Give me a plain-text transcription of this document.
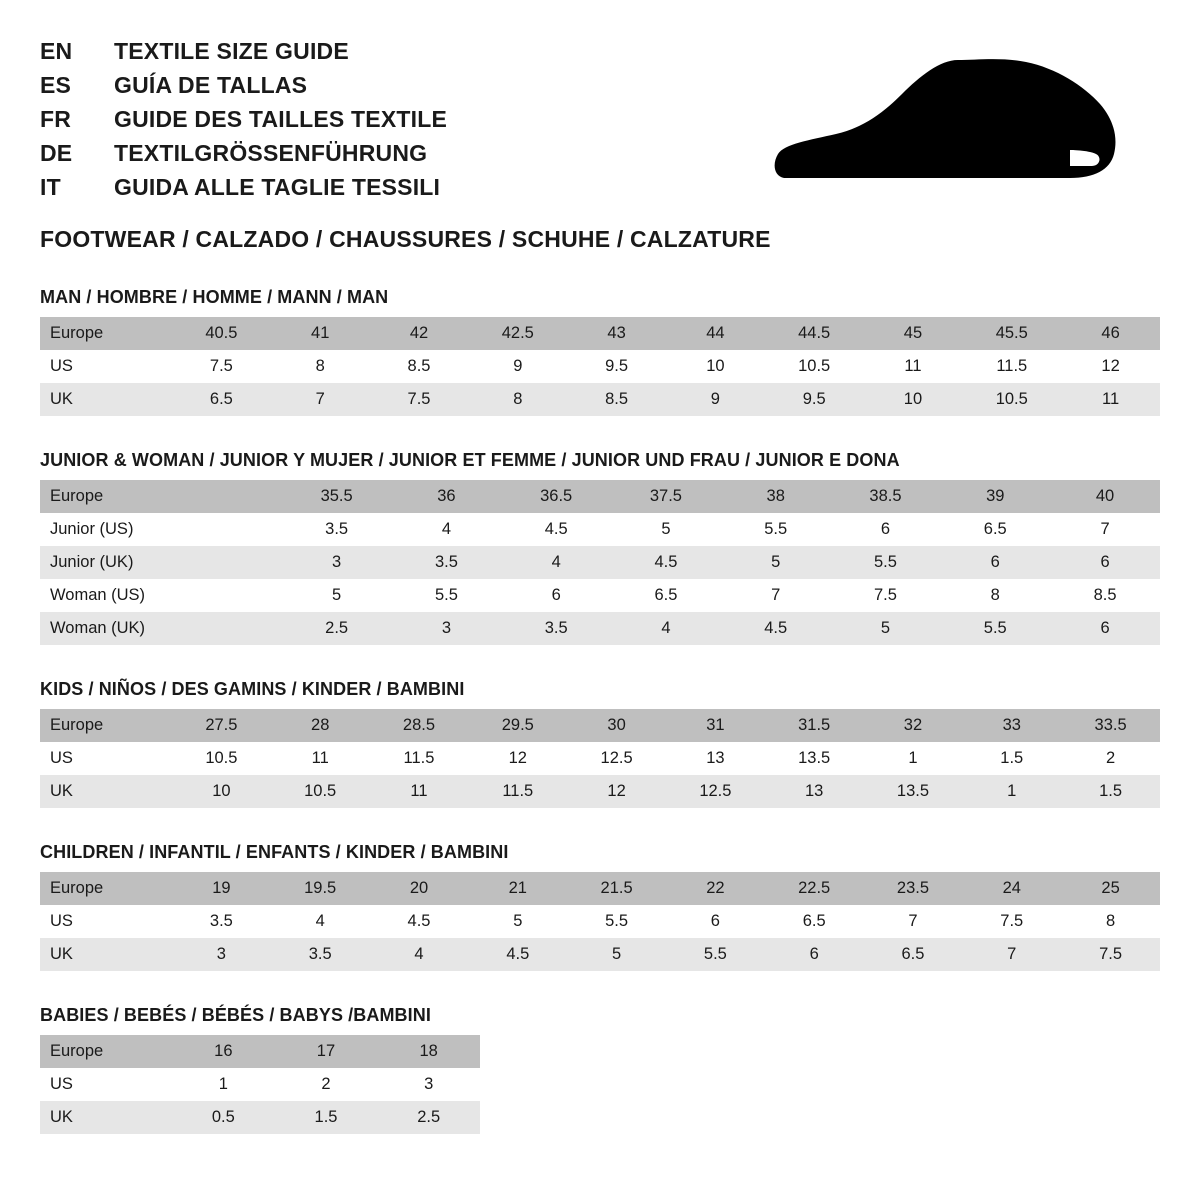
EN	TEXTILE SIZE GUIDE
ES	GUÍA DE TALLAS
FR	GUIDE DES TAILLES TEXTILE
DE	TEXTILGRÖSSENFÜHRUNG
IT	GUIDA ALLE TAGLIE TESSILI
FOOTWEAR / CALZADO / CHAUSSURES / SCHUHE / CALZATURE
MAN / HOMBRE / HOMME / MANN / MAN
Europe	40.5	41	42	42.5	43	44	44.5	45	45.5	46
US	7.5	8	8.5	9	9.5	10	10.5	11	11.5	12
UK	6.5	7	7.5	8	8.5	9	9.5	10	10.5	11
JUNIOR & WOMAN / JUNIOR Y MUJER / JUNIOR ET FEMME / JUNIOR UND FRAU / JUNIOR E DONA
Europe		35.5	36	36.5	37.5	38	38.5	39	40
Junior (US)		3.5	4	4.5	5	5.5	6	6.5	7
Junior (UK)		3	3.5	4	4.5	5	5.5	6	6
Woman (US)		5	5.5	6	6.5	7	7.5	8	8.5
Woman (UK)		2.5	3	3.5	4	4.5	5	5.5	6
KIDS / NIÑOS / DES GAMINS / KINDER / BAMBINI
Europe	27.5	28	28.5	29.5	30	31	31.5	32	33	33.5
US	10.5	11	11.5	12	12.5	13	13.5	1	1.5	2
UK	10	10.5	11	11.5	12	12.5	13	13.5	1	1.5
CHILDREN / INFANTIL / ENFANTS / KINDER / BAMBINI
Europe	19	19.5	20	21	21.5	22	22.5	23.5	24	25
US	3.5	4	4.5	5	5.5	6	6.5	7	7.5	8
UK	3	3.5	4	4.5	5	5.5	6	6.5	7	7.5
BABIES / BEBÉS / BÉBÉS / BABYS /BAMBINI
Europe	16	17	18
US	1	2	3
UK	0.5	1.5	2.5
